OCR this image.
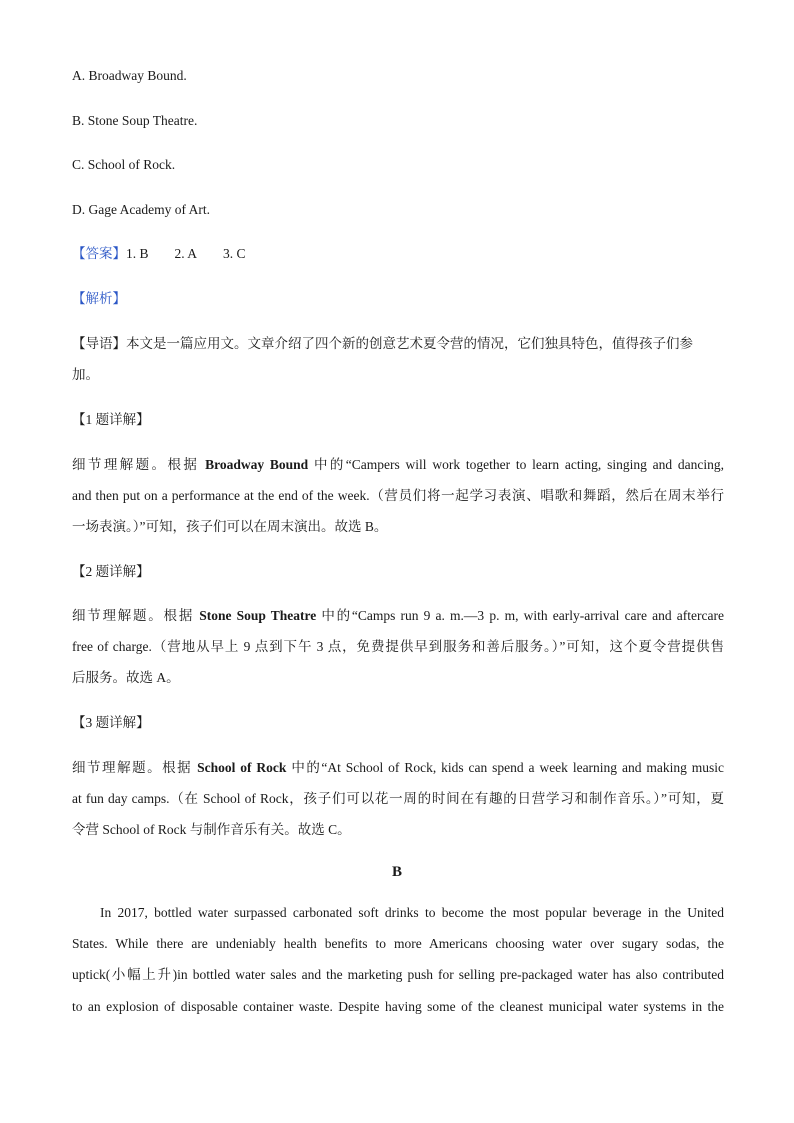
A. Broadway Bound.
B. Stone Soup Theatre.
C. School of Rock.
D. Gage Academy of Art.
【答案】1. B 2. A 3. C
【解析】
【导语】本文是一篇应用文。文章介绍了四个新的创意艺术夏令营的情况，它们独具特色，值得孩子们参
加。
【1 题详解】
细节理解题。根据 Broadway Bound 中的“Campers will work together to learn acting, singing and dancing,
and then put on a performance at the end of the week.（营员们将一起学习表演、唱歌和舞蹈，然后在周末举行
一场表演。）”可知，孩子们可以在周末演出。故选 B。
【2 题详解】
细节理解题。根据 Stone Soup Theatre 中的“Camps run 9 a. m.—3 p. m, with early-arrival care and aftercare
free of charge.（营地从早上 9 点到下午 3 点，免费提供早到服务和善后服务。）”可知，这个夏令营提供售
后服务。故选 A。
【3 题详解】
细节理解题。根据 School of Rock 中的“At School of Rock, kids can spend a week learning and making music
at fun day camps.（在 School of Rock，孩子们可以花一周的时间在有趣的日营学习和制作音乐。）”可知，夏
令营 School of Rock 与制作音乐有关。故选 C。
B
In 2017, bottled water surpassed carbonated soft drinks to become the most popular beverage in the United
States. While there are undeniably health benefits to more Americans choosing water over sugary sodas, the
uptick(小幅上升)in bottled water sales and the marketing push for selling pre-packaged water has also contributed
to an explosion of disposable container waste. Despite having some of the cleanest municipal water systems in the
